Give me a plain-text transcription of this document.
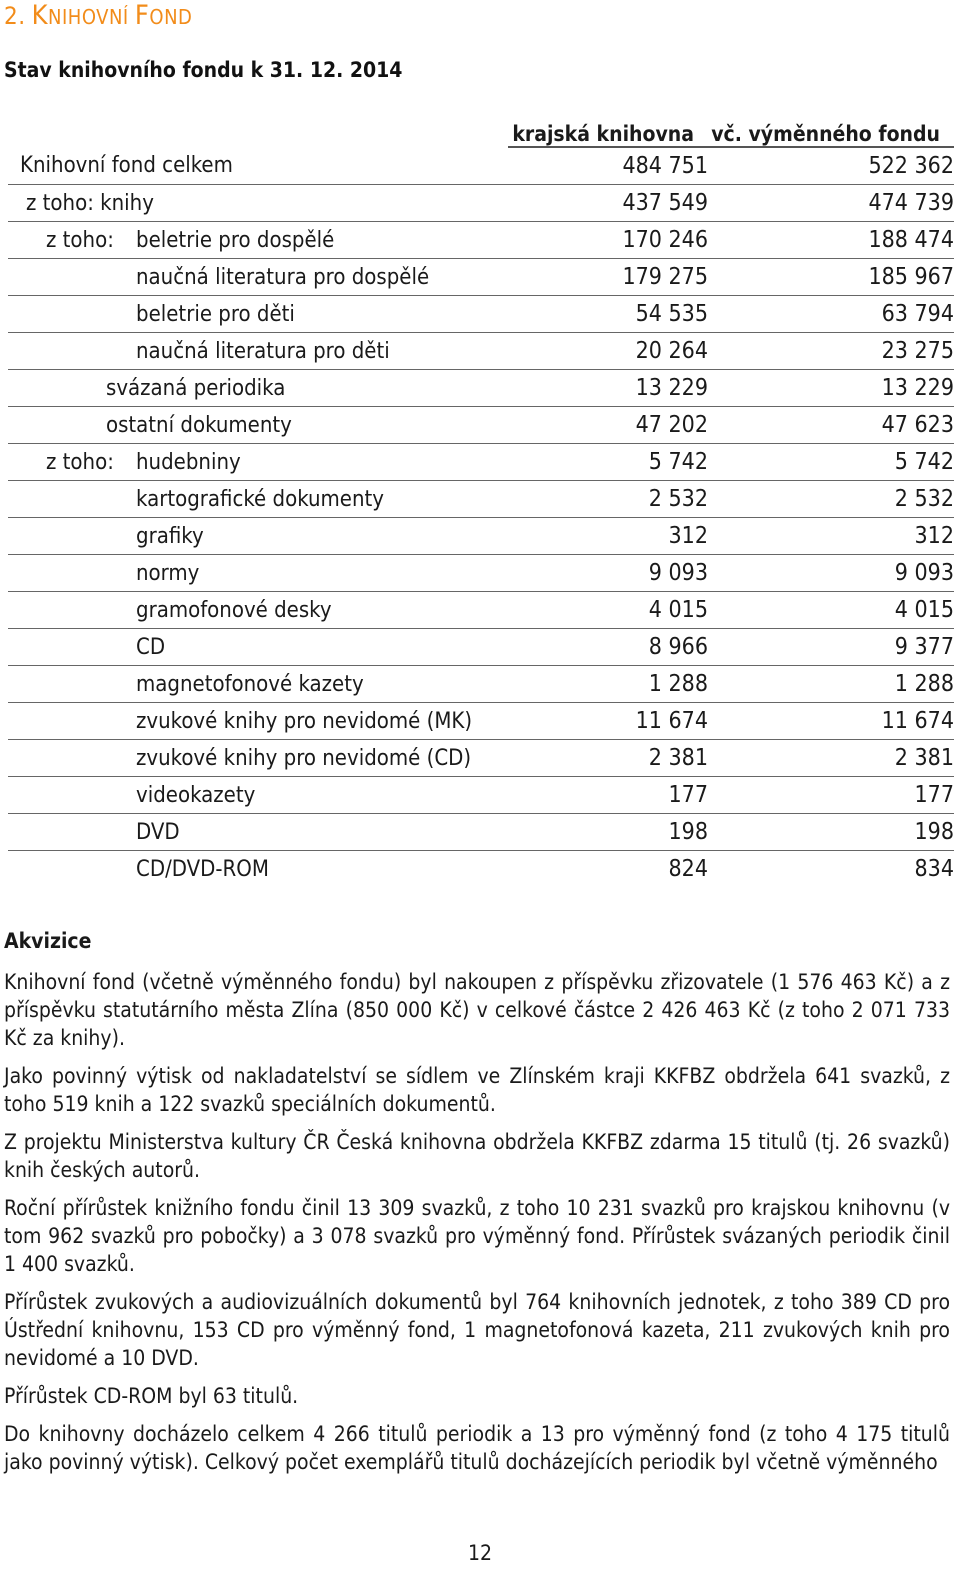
2. KNIHOVNÍ FOND
Stav knihovního fondu k 31. 12. 2014
	krajská knihovna	vč. výměnného fondu
Knihovní fond celkem	484 751	522 362
z toho: knihy	437 549	474 739
z toho: beletrie pro dospělé	170 246	188 474
naučná literatura pro dospělé	179 275	185 967
beletrie pro děti	54 535	63 794
naučná literatura pro děti	20 264	23 275
svázaná periodika	13 229	13 229
ostatní dokumenty	47 202	47 623
z toho: hudebniny	5 742	5 742
kartografické dokumenty	2 532	2 532
grafiky	312	312
normy	9 093	9 093
gramofonové desky	4 015	4 015
CD	8 966	9 377
magnetofonové kazety	1 288	1 288
zvukové knihy pro nevidomé (MK)	11 674	11 674
zvukové knihy pro nevidomé (CD)	2 381	2 381
videokazety	177	177
DVD	198	198
CD/DVD-ROM	824	834
Akvizice

Knihovní fond (včetně výměnného fondu) byl nakoupen z příspěvku zřizovatele (1 576 463 Kč) a z příspěvku statutárního města Zlína (850 000 Kč) v celkové částce 2 426 463 Kč (z toho 2 071 733 Kč za knihy).

Jako povinný výtisk od nakladatelství se sídlem ve Zlínském kraji KKFBZ obdržela 641 svazků, z toho 519 knih a 122 svazků speciálních dokumentů.

Z projektu Ministerstva kultury ČR Česká knihovna obdržela KKFBZ zdarma 15 titulů (tj. 26 svazků) knih českých autorů.

Roční přírůstek knižního fondu činil 13 309 svazků, z toho 10 231 svazků pro krajskou knihovnu (v tom 962 svazků pro pobočky) a 3 078 svazků pro výměnný fond. Přírůstek svázaných periodik činil 1 400 svazků.

Přírůstek zvukových a audiovizuálních dokumentů byl 764 knihovních jednotek, z toho 389 CD pro Ústřední knihovnu, 153 CD pro výměnný fond, 1 magnetofonová kazeta, 211 zvukových knih pro nevidomé a 10 DVD.

Přírůstek CD-ROM byl 63 titulů.

Do knihovny docházelo celkem 4 266 titulů periodik a 13 pro výměnný fond (z toho 4 175 titulů jako povinný výtisk). Celkový počet exemplářů titulů docházejících periodik byl včetně výměnného

12
